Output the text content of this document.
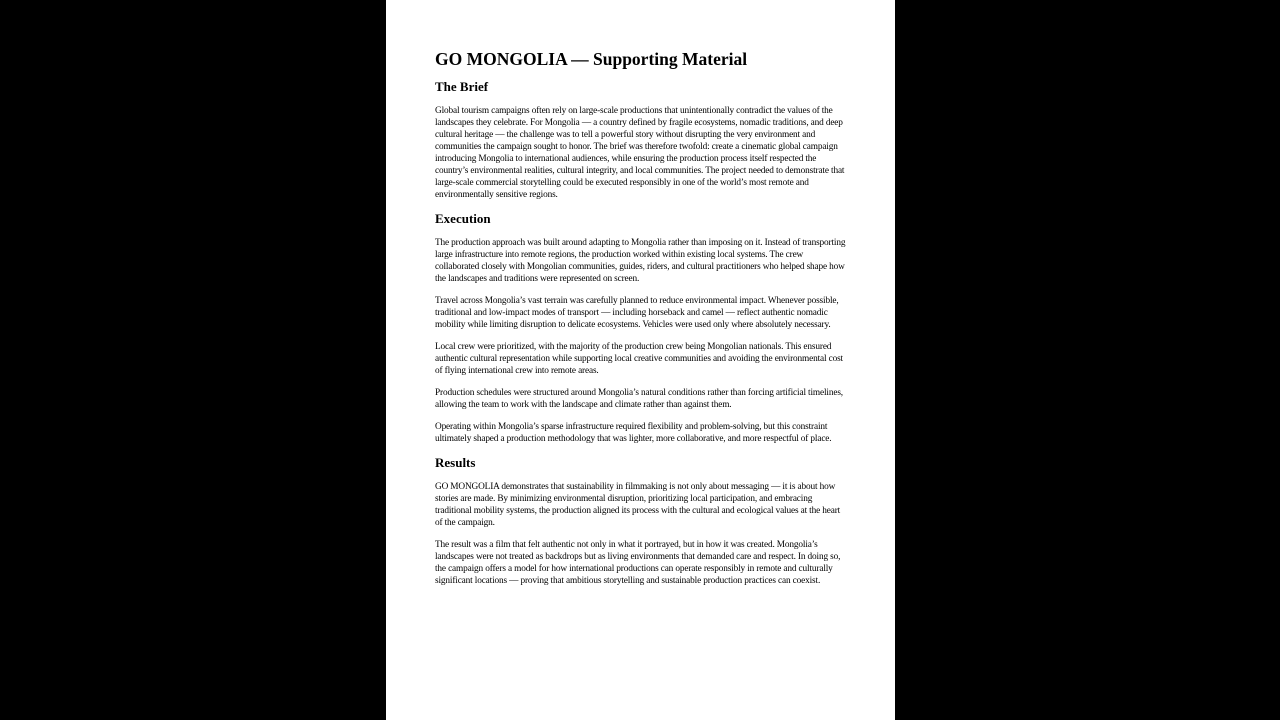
GO MONGOLIA — Supporting Material
The Brief

Global tourism campaigns often rely on large-scale productions that unintentionally contradict the values of the landscapes they celebrate. For Mongolia — a country defined by fragile ecosystems, nomadic traditions, and deep cultural heritage — the challenge was to tell a powerful story without disrupting the very environment and communities the campaign sought to honor. The brief was therefore twofold: create a cinematic global campaign introducing Mongolia to international audiences, while ensuring the production process itself respected the country’s environmental realities, cultural integrity, and local communities. The project needed to demonstrate that large-scale commercial storytelling could be executed responsibly in one of the world’s most remote and environmentally sensitive regions.

Execution

The production approach was built around adapting to Mongolia rather than imposing on it. Instead of transporting large infrastructure into remote regions, the production worked within existing local systems. The crew collaborated closely with Mongolian communities, guides, riders, and cultural practitioners who helped shape how the landscapes and traditions were represented on screen.

Travel across Mongolia’s vast terrain was carefully planned to reduce environmental impact. Whenever possible, traditional and low-impact modes of transport — including horseback and camel — reflect authentic nomadic mobility while limiting disruption to delicate ecosystems. Vehicles were used only where absolutely necessary.

Local crew were prioritized, with the majority of the production crew being Mongolian nationals. This ensured authentic cultural representation while supporting local creative communities and avoiding the environmental cost of flying international crew into remote areas.

Production schedules were structured around Mongolia’s natural conditions rather than forcing artificial timelines, allowing the team to work with the landscape and climate rather than against them.

Operating within Mongolia’s sparse infrastructure required flexibility and problem-solving, but this constraint ultimately shaped a production methodology that was lighter, more collaborative, and more respectful of place.

Results

GO MONGOLIA demonstrates that sustainability in filmmaking is not only about messaging — it is about how stories are made. By minimizing environmental disruption, prioritizing local participation, and embracing traditional mobility systems, the production aligned its process with the cultural and ecological values at the heart of the campaign.

The result was a film that felt authentic not only in what it portrayed, but in how it was created. Mongolia’s landscapes were not treated as backdrops but as living environments that demanded care and respect. In doing so, the campaign offers a model for how international productions can operate responsibly in remote and culturally significant locations — proving that ambitious storytelling and sustainable production practices can coexist.
